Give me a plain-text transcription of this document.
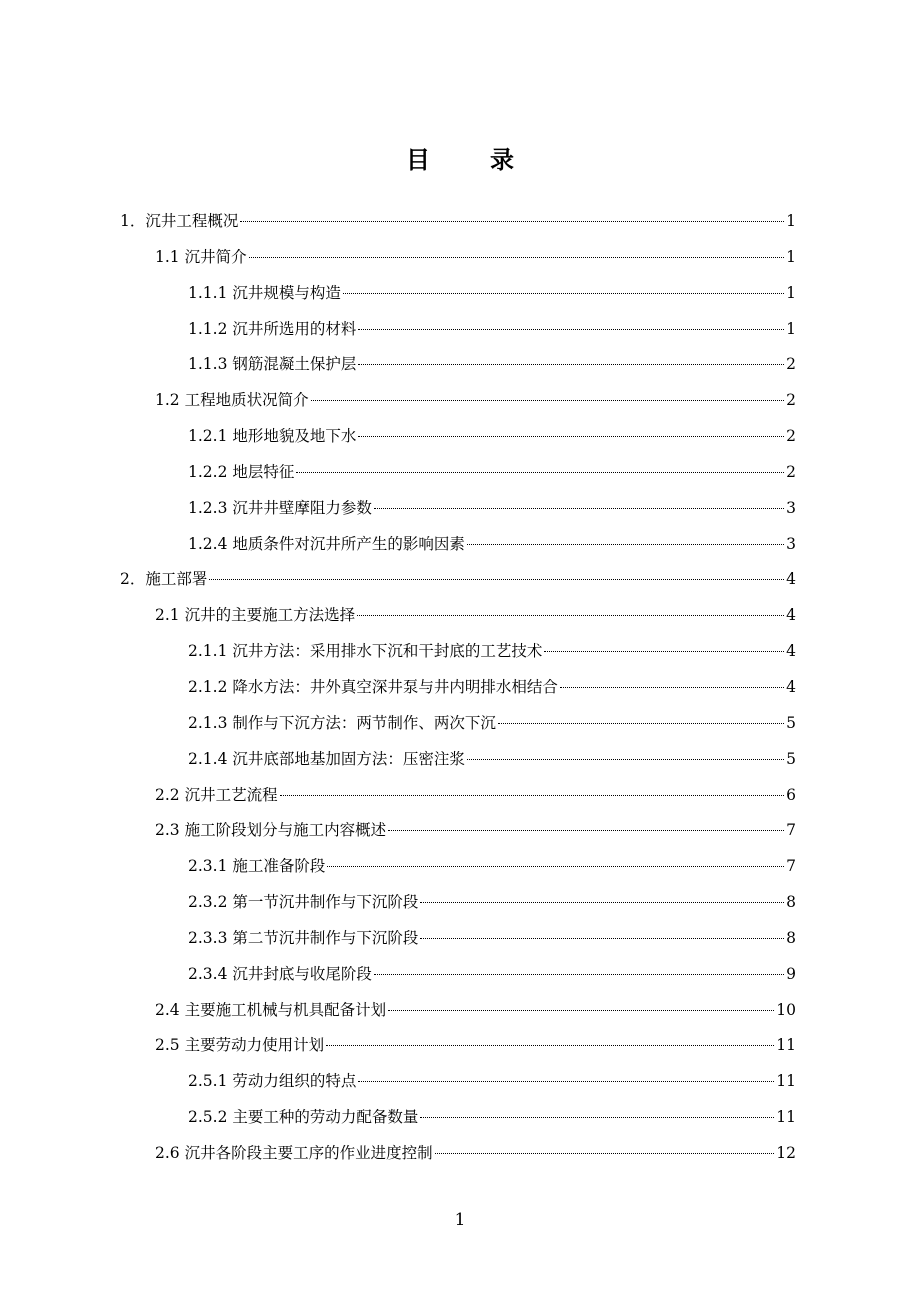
目录
1．沉井工程概况	1
1.1 沉井简介	1
1.1.1 沉井规模与构造	1
1.1.2 沉井所选用的材料	1
1.1.3 钢筋混凝土保护层	2
1.2 工程地质状况简介	2
1.2.1 地形地貌及地下水	2
1.2.2 地层特征	2
1.2.3 沉井井壁摩阻力参数	3
1.2.4 地质条件对沉井所产生的影响因素	3
2．施工部署	4
2.1 沉井的主要施工方法选择	4
2.1.1 沉井方法：采用排水下沉和干封底的工艺技术	4
2.1.2 降水方法：井外真空深井泵与井内明排水相结合	4
2.1.3 制作与下沉方法：两节制作、两次下沉	5
2.1.4 沉井底部地基加固方法：压密注浆	5
2.2 沉井工艺流程	6
2.3 施工阶段划分与施工内容概述	7
2.3.1 施工准备阶段	7
2.3.2 第一节沉井制作与下沉阶段	8
2.3.3 第二节沉井制作与下沉阶段	8
2.3.4 沉井封底与收尾阶段	9
2.4 主要施工机械与机具配备计划	10
2.5 主要劳动力使用计划	11
2.5.1 劳动力组织的特点	11
2.5.2 主要工种的劳动力配备数量	11
2.6 沉井各阶段主要工序的作业进度控制	12
1
